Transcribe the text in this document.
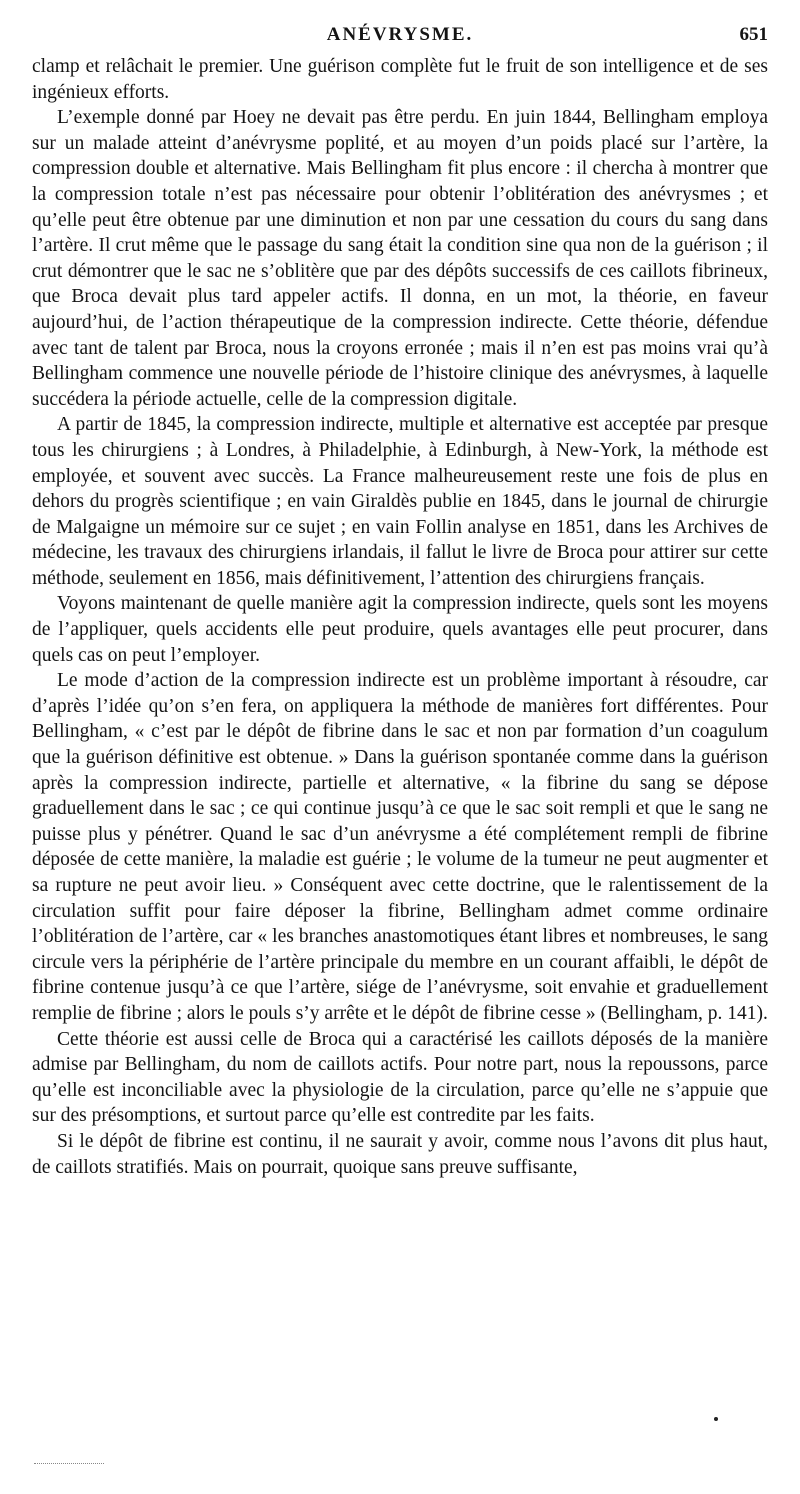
ANÉVRYSME.	651

clamp et relâchait le premier. Une guérison complète fut le fruit de son intelligence et de ses ingénieux efforts.

L’exemple donné par Hoey ne devait pas être perdu. En juin 1844, Bellingham employa sur un malade atteint d’anévrysme poplité, et au moyen d’un poids placé sur l’artère, la compression double et alternative. Mais Bellingham fit plus encore : il chercha à montrer que la compression totale n’est pas nécessaire pour obtenir l’oblitération des anévrysmes ; et qu’elle peut être obtenue par une diminution et non par une cessation du cours du sang dans l’artère. Il crut même que le passage du sang était la condition sine qua non de la guérison ; il crut démontrer que le sac ne s’oblitère que par des dépôts successifs de ces caillots fibrineux, que Broca devait plus tard appeler actifs. Il donna, en un mot, la théorie, en faveur aujourd’hui, de l’action thérapeutique de la compression indirecte. Cette théorie, défendue avec tant de talent par Broca, nous la croyons erronée ; mais il n’en est pas moins vrai qu’à Bellingham commence une nouvelle période de l’histoire clinique des anévrysmes, à laquelle succédera la période actuelle, celle de la compression digitale.

A partir de 1845, la compression indirecte, multiple et alternative est acceptée par presque tous les chirurgiens ; à Londres, à Philadelphie, à Edinburgh, à New-York, la méthode est employée, et souvent avec succès. La France malheureusement reste une fois de plus en dehors du progrès scientifique ; en vain Giraldès publie en 1845, dans le journal de chirurgie de Malgaigne un mémoire sur ce sujet ; en vain Follin analyse en 1851, dans les Archives de médecine, les travaux des chirurgiens irlandais, il fallut le livre de Broca pour attirer sur cette méthode, seulement en 1856, mais définitivement, l’attention des chirurgiens français.

Voyons maintenant de quelle manière agit la compression indirecte, quels sont les moyens de l’appliquer, quels accidents elle peut produire, quels avantages elle peut procurer, dans quels cas on peut l’employer.

Le mode d’action de la compression indirecte est un problème important à résoudre, car d’après l’idée qu’on s’en fera, on appliquera la méthode de manières fort différentes. Pour Bellingham, « c’est par le dépôt de fibrine dans le sac et non par formation d’un coagulum que la guérison définitive est obtenue. » Dans la guérison spontanée comme dans la guérison après la compression indirecte, partielle et alternative, « la fibrine du sang se dépose graduellement dans le sac ; ce qui continue jusqu’à ce que le sac soit rempli et que le sang ne puisse plus y pénétrer. Quand le sac d’un anévrysme a été complétement rempli de fibrine déposée de cette manière, la maladie est guérie ; le volume de la tumeur ne peut augmenter et sa rupture ne peut avoir lieu. » Conséquent avec cette doctrine, que le ralentissement de la circulation suffit pour faire déposer la fibrine, Bellingham admet comme ordinaire l’oblitération de l’artère, car « les branches anastomotiques étant libres et nombreuses, le sang circule vers la périphérie de l’artère principale du membre en un courant affaibli, le dépôt de fibrine contenue jusqu’à ce que l’artère, siége de l’anévrysme, soit envahie et graduellement remplie de fibrine ; alors le pouls s’y arrête et le dépôt de fibrine cesse » (Bellingham, p. 141).

Cette théorie est aussi celle de Broca qui a caractérisé les caillots déposés de la manière admise par Bellingham, du nom de caillots actifs. Pour notre part, nous la repoussons, parce qu’elle est inconciliable avec la physiologie de la circulation, parce qu’elle ne s’appuie que sur des présomptions, et surtout parce qu’elle est contredite par les faits.

Si le dépôt de fibrine est continu, il ne saurait y avoir, comme nous l’avons dit plus haut, de caillots stratifiés. Mais on pourrait, quoique sans preuve suffisante,
